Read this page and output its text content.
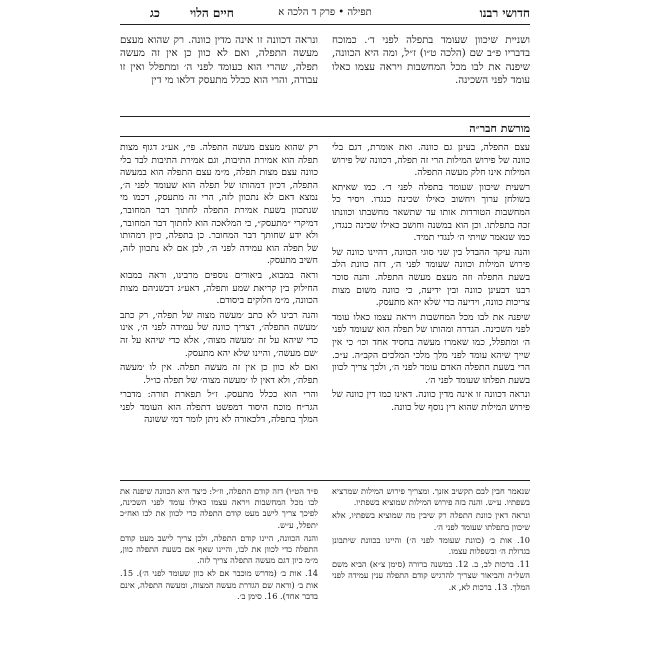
חדושי רבנו
תפילה • פרק ד הלכה א
חיים הלוי
כג

ושניית שיכוון שעומד בתפלה לפני ד׳. כמוכח בדבריו פ״ב שם (הלכה ט״ו) ז״ל, ומה היא הכוונה, שיפנה את לבו מכל המחשבות ויראה עצמו כאלו עומד לפני השכינה.

ונראה דכוונה זו אינה מדין כוונה. רק שהוא מעצם מעשה התפלה, ואם לא כוון כן אין זה מעשה תפלה, שהרי הוא כעומד לפני ה׳ ומתפלל ואין זו עבודה, והרי הוא ככלל מתעסק דלאו מי דין

מורשת חבר״ה

עצם התפלה, בעינן גם כוונה. ואת אומרת, דגם בלי כוונה של פירוש המילות הרי זה תפלה, דכוונה של פירוש המילות אינו חלק מעשה התפלה.

רשעית שיכוון שעומד בתפלה לפני ד׳. כמו שאיתא בשולחן ערוך ויחשוב כאילו שכינה כנגדו. ויסיר כל המחשבות הטורדות אותו עד שתשאר מחשבתו וכוונתו זכה בתפלתו. וכן הוא במשנה וחושב כאילו שכינה כנגדו, כמו שנאמר שויתי ה׳ לנגדי תמיד.

והנה עיקר ההבדל בין שני סוגי הכוונה, דהיינו כוונה של פירוש המילות וכוונה שעומד לפני ה׳, דזה כוונת הלב בשעת התפלה וזה מעצם מעשה התפלה. והנה סוכר רבנו דבעינן כוונה ובין ידיעה, כי כוונה משום מצות צריכות כוונה, וידיעה כדי שלא יהא מתעסק.

שיפנה את לבו מכל המחשבות ויראה עצמו כאלו עומד לפני השכינה. הגדרה ומהותו של תפלה הוא שעומד לפני ה׳ ומתפלל, כמו שאמרו מעשה בחסיד אחד וכו׳ כי אין שייך שיהא עומד לפני מלך מלכי המלכים הקב״ה. ע״כ. הרי בשעת התפלה האדם עומד לפני ה׳, ולכך צריך לכוון בשעת תפלתו שעומד לפני ה׳.

ונראה דכוונה זו אינה מדין כוונה. דאינו כמו דין כוונה של פירוש המילות שהוא דין נוסף של כוונה.

רק שהוא מעצם מעשה התפלה. פי׳, אע״ג דגוף מצות תפלה הוא אמירת התיבות, וגם אמירת התיבות לבד בלי כוונה עצם מצות תפלה, מ״מ עצם התפלה הוא במעשה התפלה, דכיון דמהותו של תפלה הוא שעומד לפני ה׳, נמצא דאם לא נתכוון לזה, הרי זה מתעסק, דכמו מי שנתכוון בשעת אמירת התפלה לחתוך דבר המחובר, דמיקרי ״מתעסק״, כי המלאכה הוא לחתוך דבר המחובר, ולא ידע שחותך דבר המחובר. כן בתפלה, כיון דמהותו של תפלה הוא עמידה לפני ה׳, לכן אם לא נתכוון לזה, חשיב מתעסק.

וראה במבוא, ביאורים נוספים מרבינו, וראה במבוא החילוק בין קריאת שמע ותפלה, דאע״ג דבשניהם מצות הכוונה, מ״מ חלוקים ביסודם.

והנה רבינו לא כתב ׳מעשה מצוה של תפלה׳, רק כתב ׳מעשה התפלה׳, דצריך כוונה של עמידה לפני ה׳, אינו כדי שיהא על זה ׳מעשה מצוה׳, אלא כדי שיהא על זה ׳שם מעשה׳, והיינו שלא יהא מתעסק.

ואם לא כוון כן אין זה מעשה תפלה. אין לו ׳מעשה תפלה׳, ולא דאין לו ׳מעשה מצוה׳ של תפלה כו״ל.

והרי הוא ככלל מתעסק. ז״ל תפארת תורה: מדברי הגר״ח מוכח היסוד דמפשט דתפלה הוא העומד לפני המלך בתפלה, דלכאורה לא ניתן לומר דמי ששונה

שנאמר חבין לבם תקשיב אזנך. ומצריך פירוש המילות שמרציא בשפתיו. ע״ש. והנה בזה פירוש המילות שמוציא בשפתיו.

ונראה דאין כוונת התפלה רק שיבין מה שמוציא בשפתיו, אלא שיכוון בתפלתו שעומד לפני ה׳.

10. אות ב׳ (כוונת שעומד לפני ה׳) והיינו בכוונת שיתבונן בגדולת ה׳ ובשפלות עצמו.

11. ברכות לב, ב. 12. במשנה ברורה (סימן צ״א) הביא משם השל״ה והביאור שצריך להרגיש קודם התפלה ענין עמידה לפני המלך. 13. ברכות לא, א.

פ״ד הט״ו) דזה קודם התפלה, וז״ל: כיצד היא הכוונה שיפנה את לבו מכל המחשבות ויראה עצמו כאילו עומד לפני השכינה, לפיכך צריך לישב מעט קודם התפלה כדי לכוון את לבו ואח״כ יתפלל, ע״ש.

והנה הכוונה, היינו קודם התפלה, ולכן צריך לישב מעט קודם התפלה כדי לכוון את לבו, והיינו שאף אם בשעת התפלה כוון, מ״מ כיון דגם מעשה התפלה צריך לזה.

14. אות ב׳ (מדרש מוכבר אם לא כוון שעומד לפני ה׳). 15. אות ב׳ (וראה שם הגדרת מעשה המצוה, ומעשה התפלה, אינם בדבר אחד). 16. סימן ב׳.
